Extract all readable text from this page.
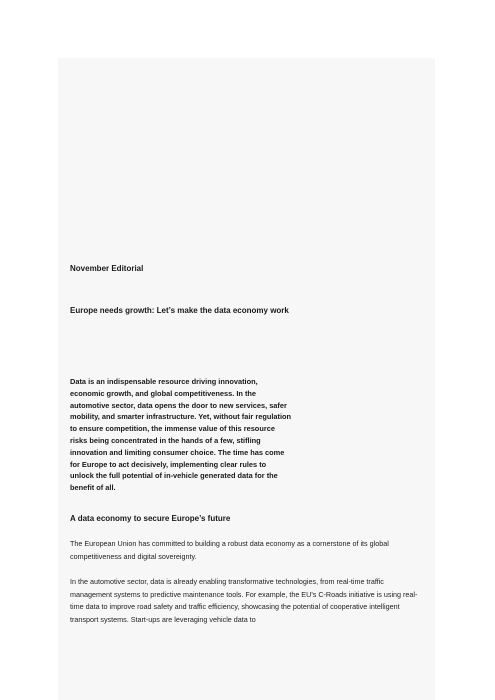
November Editorial
Europe needs growth: Let’s make the data economy work

Data is an indispensable resource driving innovation, economic growth, and global competitiveness. In the automotive sector, data opens the door to new services, safer mobility, and smarter infrastructure. Yet, without fair regulation to ensure competition, the immense value of this resource risks being concentrated in the hands of a few, stifling innovation and limiting consumer choice. The time has come for Europe to act decisively, implementing clear rules to unlock the full potential of in-vehicle generated data for the benefit of all.

A data economy to secure Europe’s future

The European Union has committed to building a robust data economy as a cornerstone of its global competitiveness and digital sovereignty.

In the automotive sector, data is already enabling transformative technologies, from real-time traffic management systems to predictive maintenance tools. For example, the EU’s C-Roads initiative is using real-time data to improve road safety and traffic efficiency, showcasing the potential of cooperative intelligent transport systems. Start-ups are leveraging vehicle data to
